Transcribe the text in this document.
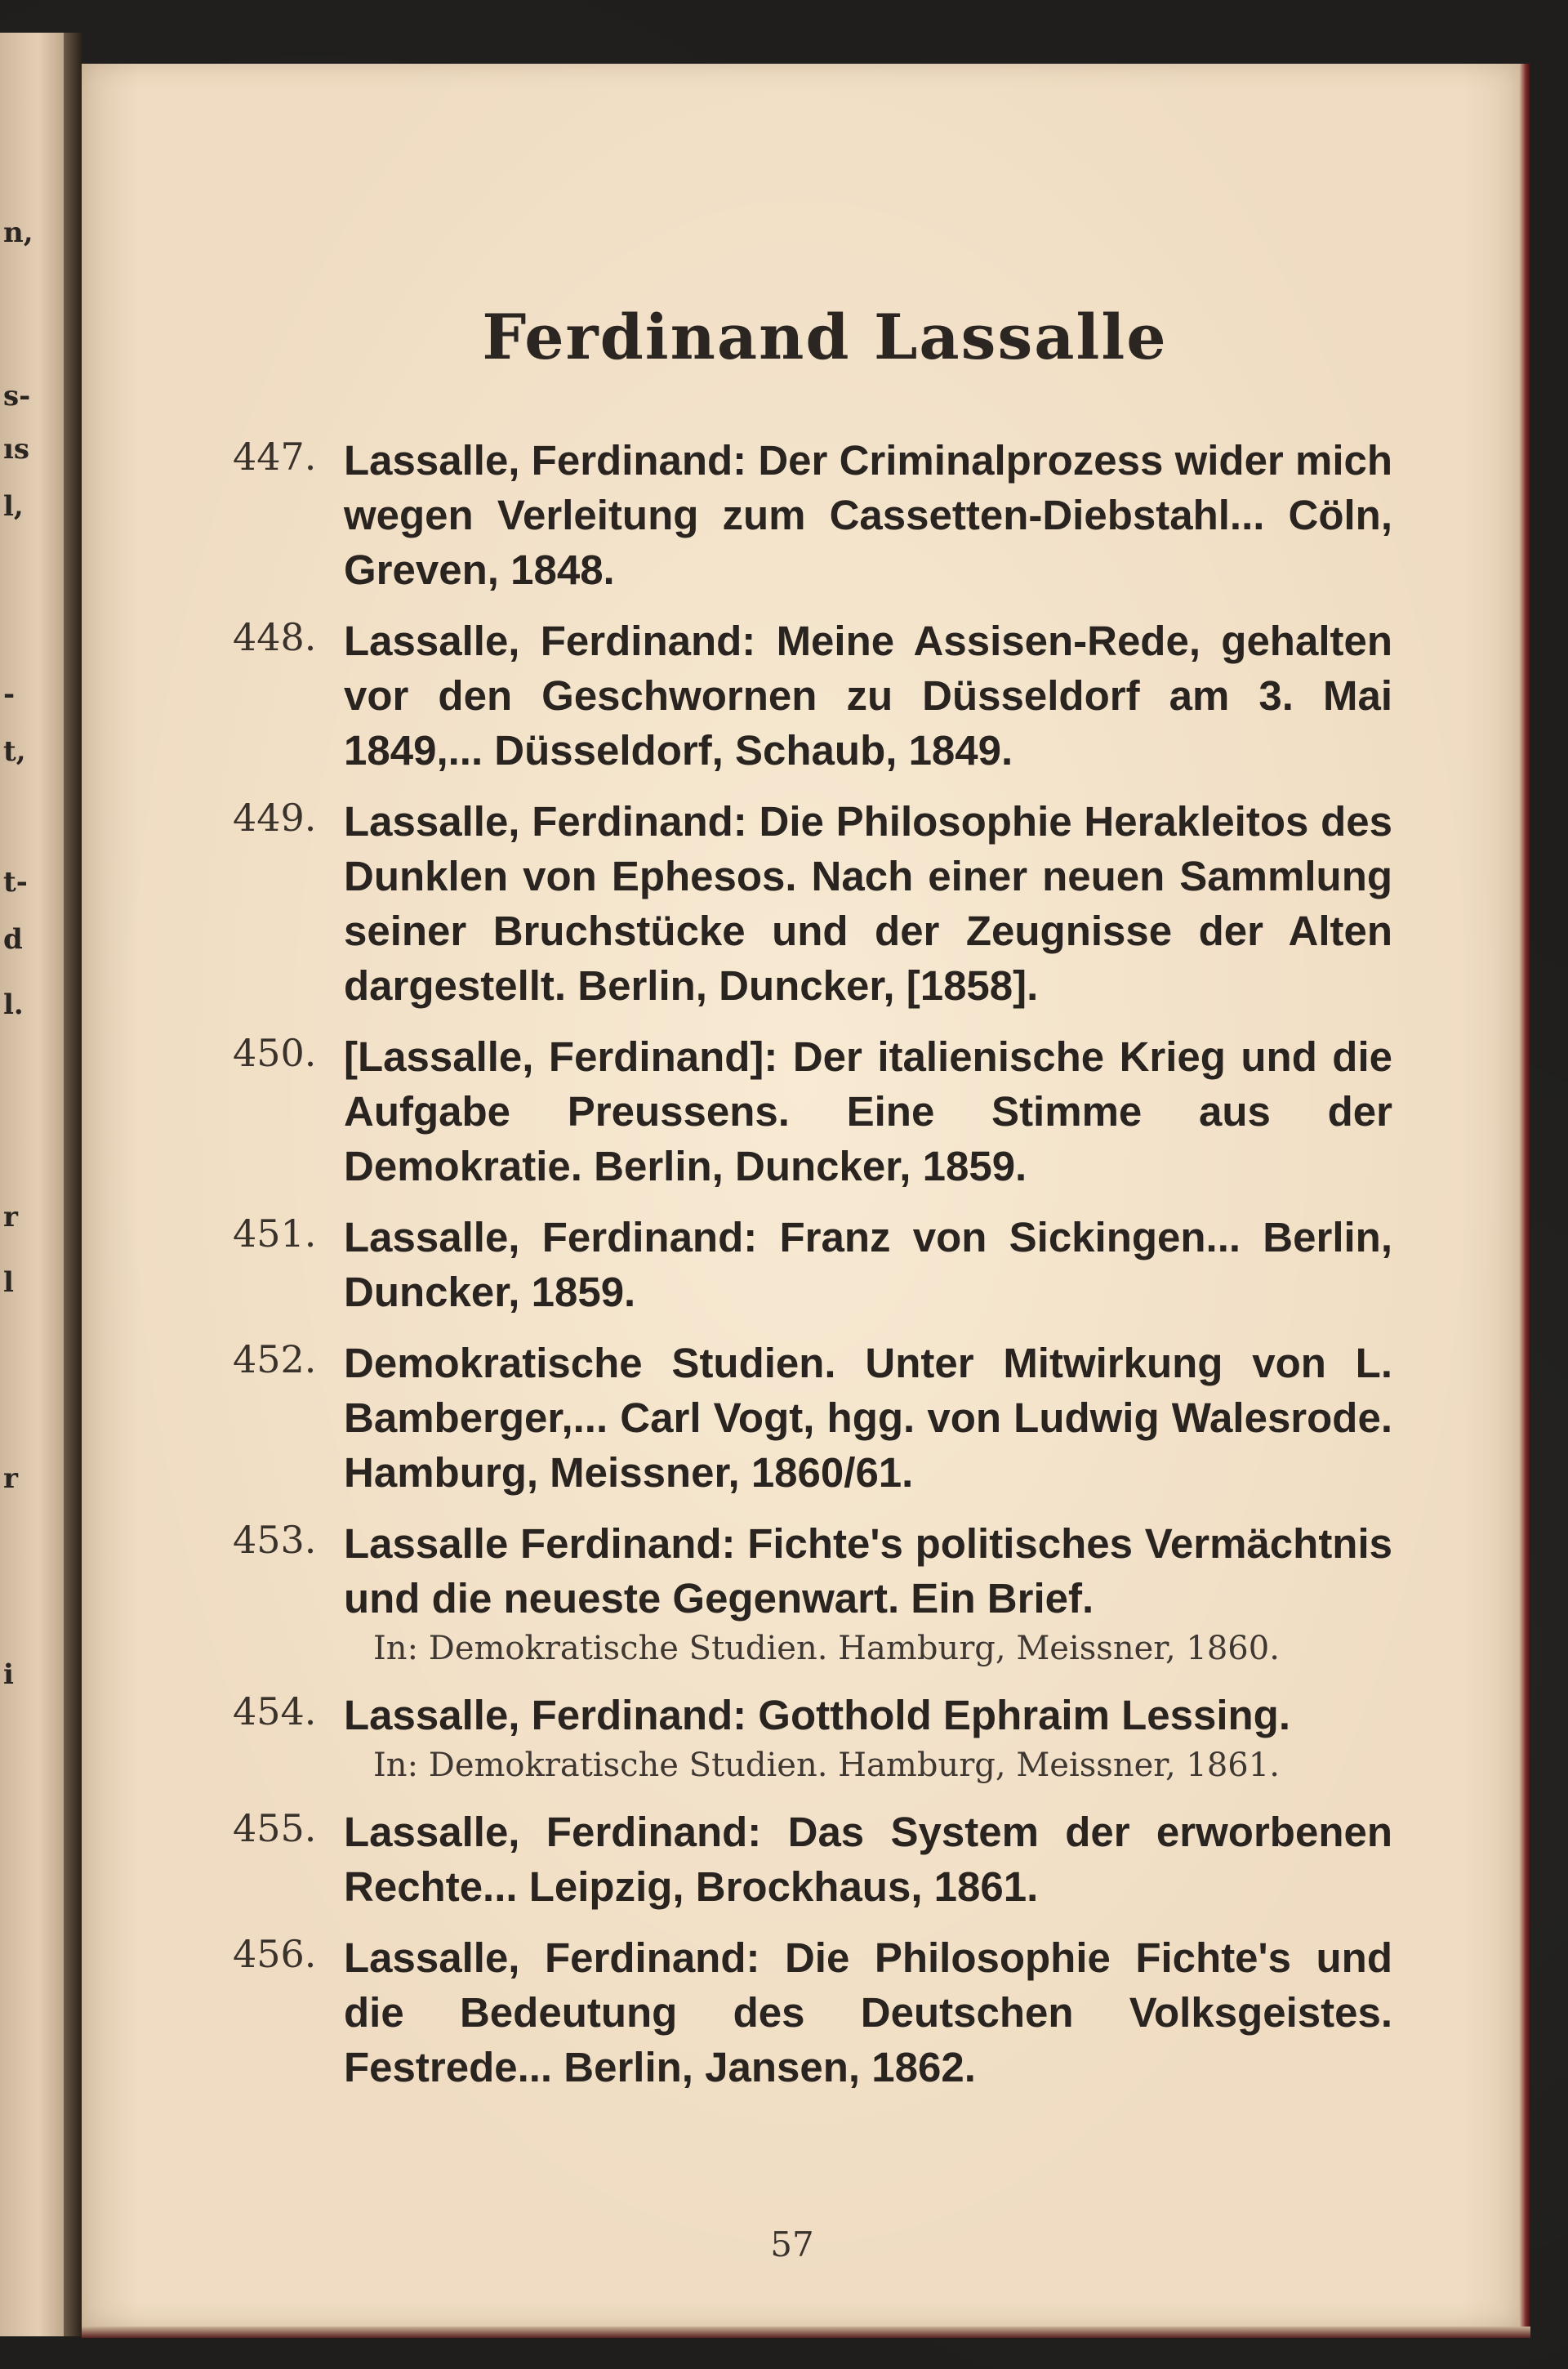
n,
s-
ıs
l,
-
t,
t-
d
l.
r
l
r
i
Ferdinand Lassalle
447. Lassalle, Ferdinand: Der Criminalprozess wider mich wegen Verleitung zum Cassetten-Diebstahl... Cöln, Greven, 1848.

448. Lassalle, Ferdinand: Meine Assisen-Rede, gehalten vor den Geschwornen zu Düsseldorf am 3. Mai 1849,... Düsseldorf, Schaub, 1849.

449. Lassalle, Ferdinand: Die Philosophie Herakleitos des Dunklen von Ephesos. Nach einer neuen Sammlung seiner Bruchstücke und der Zeugnisse der Alten dargestellt. Berlin, Duncker, [1858].

450. [Lassalle, Ferdinand]: Der italienische Krieg und die Aufgabe Preussens. Eine Stimme aus der Demokratie. Berlin, Duncker, 1859.

451. Lassalle, Ferdinand: Franz von Sickingen... Berlin, Duncker, 1859.

452. Demokratische Studien. Unter Mitwirkung von L. Bamberger,... Carl Vogt, hgg. von Ludwig Walesrode. Hamburg, Meissner, 1860/61.

453. Lassalle Ferdinand: Fichte's politisches Vermächtnis und die neueste Gegenwart. Ein Brief.

In: Demokratische Studien. Hamburg, Meissner, 1860.

454. Lassalle, Ferdinand: Gotthold Ephraim Lessing.

In: Demokratische Studien. Hamburg, Meissner, 1861.

455. Lassalle, Ferdinand: Das System der erworbenen Rechte... Leipzig, Brockhaus, 1861.

456. Lassalle, Ferdinand: Die Philosophie Fichte's und die Bedeutung des Deutschen Volksgeistes. Festrede... Berlin, Jansen, 1862.

57
